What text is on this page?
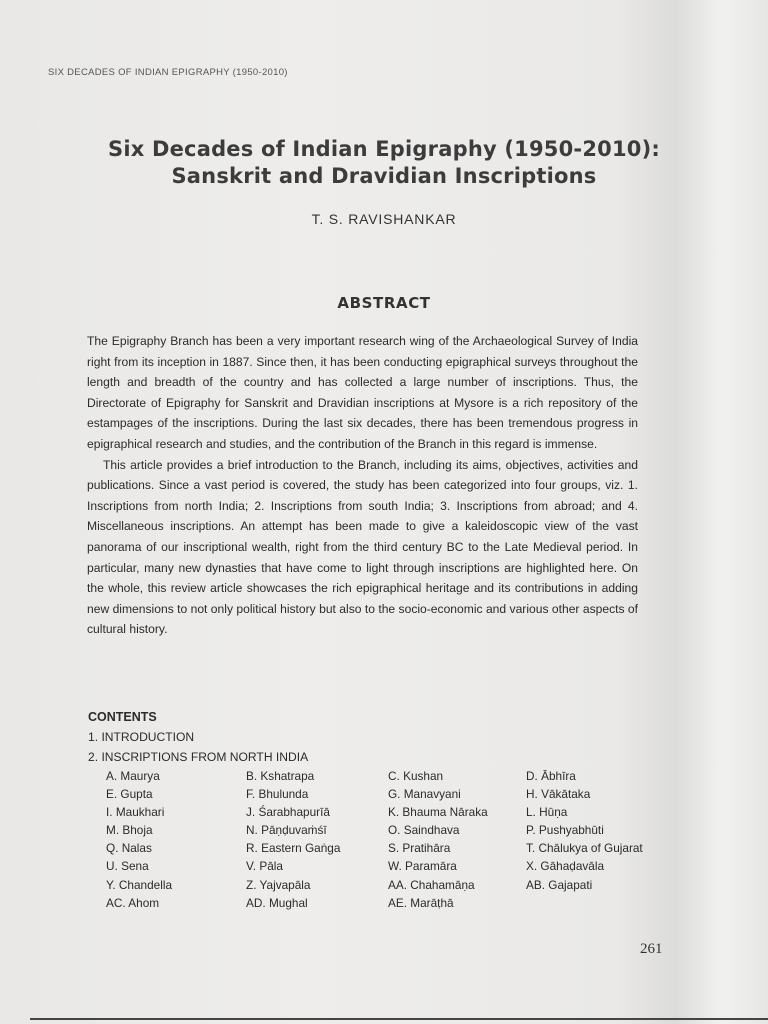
SIX DECADES OF INDIAN EPIGRAPHY (1950-2010)
Six Decades of Indian Epigraphy (1950-2010):
Sanskrit and Dravidian Inscriptions
T. S. RAVISHANKAR
ABSTRACT

The Epigraphy Branch has been a very important research wing of the Archaeological Survey of India right from its inception in 1887. Since then, it has been conducting epigraphical surveys throughout the length and breadth of the country and has collected a large number of inscriptions. Thus, the Directorate of Epigraphy for Sanskrit and Dravidian inscriptions at Mysore is a rich repository of the estampages of the inscriptions. During the last six decades, there has been tremendous progress in epigraphical research and studies, and the contribution of the Branch in this regard is immense.

This article provides a brief introduction to the Branch, including its aims, objectives, activities and publications. Since a vast period is covered, the study has been categorized into four groups, viz. 1. Inscriptions from north India; 2. Inscriptions from south India; 3. Inscriptions from abroad; and 4. Miscellaneous inscriptions. An attempt has been made to give a kaleidoscopic view of the vast panorama of our inscriptional wealth, right from the third century BC to the Late Medieval period. In particular, many new dynasties that have come to light through inscriptions are highlighted here. On the whole, this review article showcases the rich epigraphical heritage and its contributions in adding new dimensions to not only political history but also to the socio-economic and various other aspects of cultural history.

CONTENTS
1. INTRODUCTION
2. INSCRIPTIONS FROM NORTH INDIA
A. Maurya	B. Kshatrapa	C. Kushan	D. Ābhīra
E. Gupta	F. Bhulunda	G. Manavyani	H. Vākātaka
I. Maukhari	J. Śarabhapurīā	K. Bhauma Nāraka	L. Hūṇa
M. Bhoja	N. Pāṇḍuvaṁśī	O. Saindhava	P. Pushyabhūti
Q. Nalas	R. Eastern Gaṅga	S. Pratihāra	T. Chālukya of Gujarat
U. Sena	V. Pāla	W. Paramāra	X. Gāhaḍavāla
Y. Chandella	Z. Yajvapāla	AA. Chahamāṇa	AB. Gajapati
AC. Ahom	AD. Mughal	AE. Marāṭhā
261
